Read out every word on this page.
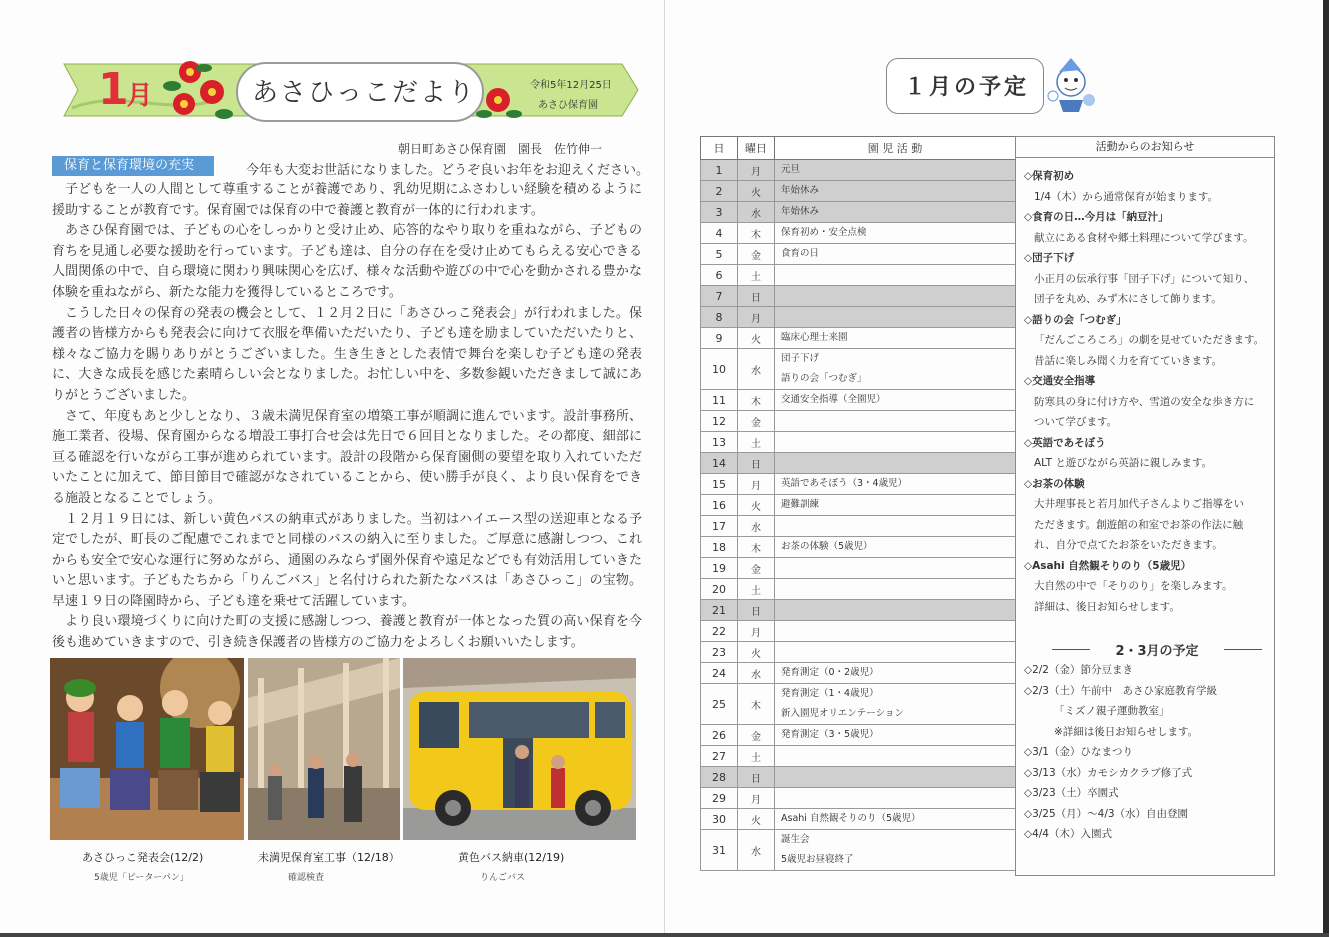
1月	あさひっこだより	令和5年12月25日
あさひ保育園
朝日町あさひ保育園　園長　佐竹伸一
保育と保育環境の充実	今年も大変お世話になりました。どうぞ良いお年をお迎えください。

子どもを一人の人間として尊重することが養護であり、乳幼児期にふさわしい経験を積めるように援助することが教育です。保育園では保育の中で養護と教育が一体的に行われます。

あさひ保育園では、子どもの心をしっかりと受け止め、応答的なやり取りを重ねながら、子どもの育ちを見通し必要な援助を行っています。子ども達は、自分の存在を受け止めてもらえる安心できる人間関係の中で、自ら環境に関わり興味関心を広げ、様々な活動や遊びの中で心を動かされる豊かな体験を重ねながら、新たな能力を獲得しているところです。

こうした日々の保育の発表の機会として、１２月２日に「あさひっこ発表会」が行われました。保護者の皆様方からも発表会に向けて衣服を準備いただいたり、子ども達を励ましていただいたりと、様々なご協力を賜りありがとうございました。生き生きとした表情で舞台を楽しむ子ども達の発表に、大きな成長を感じた素晴らしい会となりました。お忙しい中を、多数参観いただきまして誠にありがとうございました。

さて、年度もあと少しとなり、３歳未満児保育室の増築工事が順調に進んでいます。設計事務所、施工業者、役場、保育園からなる増設工事打合せ会は先日で６回目となりました。その都度、細部に亘る確認を行いながら工事が進められています。設計の段階から保育園側の要望を取り入れていただいたことに加えて、節目節目で確認がなされていることから、使い勝手が良く、より良い保育をできる施設となることでしょう。

１２月１９日には、新しい黄色バスの納車式がありました。当初はハイエース型の送迎車となる予定でしたが、町長のご配慮でこれまでと同様のバスの納入に至りました。ご厚意に感謝しつつ、これからも安全で安心な運行に努めながら、通園のみならず園外保育や遠足などでも有効活用していきたいと思います。子どもたちから「りんごバス」と名付けられた新たなバスは「あさひっこ」の宝物。早速１９日の降園時から、子ども達を乗せて活躍しています。

より良い環境づくりに向けた町の支援に感謝しつつ、養護と教育が一体となった質の高い保育を今後も進めていきますので、引き続き保護者の皆様方のご協力をよろしくお願いいたします。

あさひっこ発表会(12/2)
5歳児「ピーターパン」
未満児保育室工事（12/18）
確認検査
黄色バス納車(12/19)
りんごバス
１月の予定
日	曜日	園 児 活 動
1	月	元旦

2	火	年始休み

3	水	年始休み

4	木	保育初め・安全点検

5	金	食育の日

6	土	
7	日	
8	月	
9	火	臨床心理士来園

10	水	団子下げ
語りの会「つむぎ」

11	木	交通安全指導（全園児）

12	金	
13	土	
14	日	
15	月	英語であそぼう（3・4歳児）

16	火	避難訓練

17	水	
18	木	お茶の体験（5歳児）

19	金	
20	土	
21	日	
22	月	
23	火	
24	水	発育測定（0・2歳児）

25	木	発育測定（1・4歳児）
新入園児オリエンテーション

26	金	発育測定（3・5歳児）

27	土	
28	日	
29	月	
30	火	Asahi 自然観そりのり（5歳児）

31	水	誕生会
5歳児お昼寝終了
活動からのお知らせ
◇保育初め
1/4（木）から通常保育が始まります。
◇食育の日…今月は「納豆汁」
献立にある食材や郷土料理について学びます。
◇団子下げ
小正月の伝承行事「団子下げ」について知り、
団子を丸め、みず木にさして飾ります。
◇語りの会「つむぎ」
「だんごころころ」の劇を見せていただきます。
昔話に楽しみ聞く力を育てていきます。
◇交通安全指導
防寒具の身に付け方や、雪道の安全な歩き方に
ついて学びます。
◇英語であそぼう
ALT と遊びながら英語に親しみます。
◇お茶の体験
大井理事長と若月加代子さんよりご指導をい
ただきます。創遊館の和室でお茶の作法に触
れ、自分で点てたお茶をいただきます。
◇Asahi 自然観そりのり（5歳児）
大自然の中で「そりのり」を楽しみます。
詳細は、後日お知らせします。
2・3月の予定
◇2/2（金）節分豆まき
◇2/3（土）午前中　あさひ家庭教育学級
「ミズノ親子運動教室」
※詳細は後日お知らせします。
◇3/1（金）ひなまつり
◇3/13（水）カモシカクラブ修了式
◇3/23（土）卒園式
◇3/25（月）～4/3（水）自由登園
◇4/4（木）入園式
